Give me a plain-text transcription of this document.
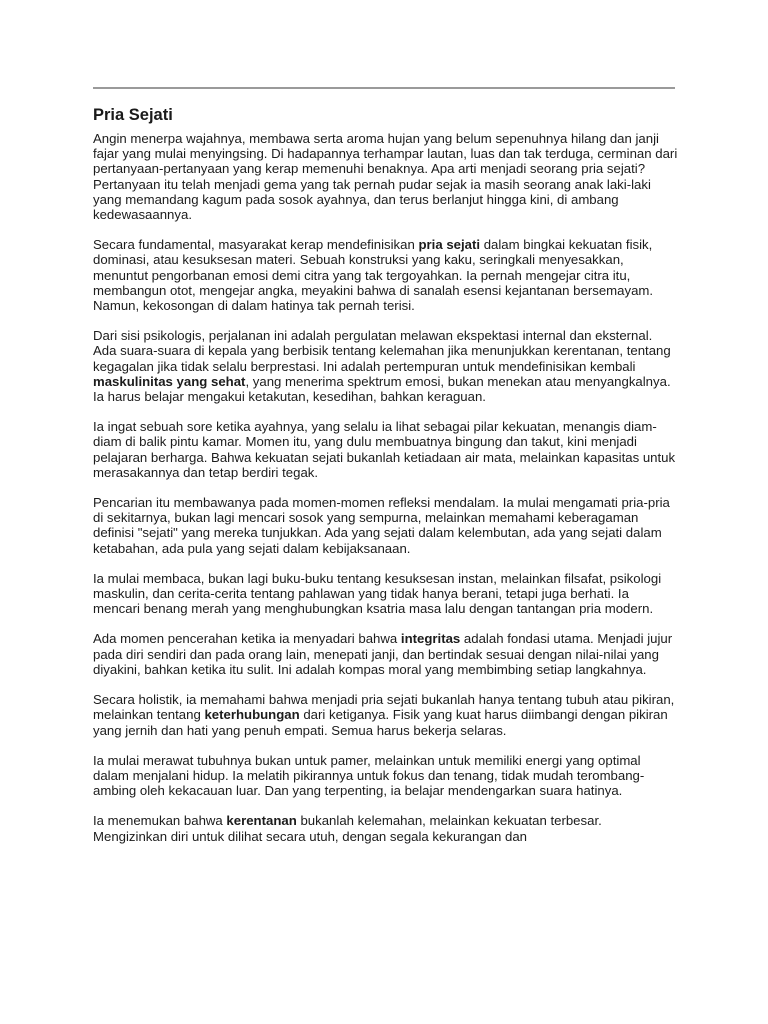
Pria Sejati

Angin menerpa wajahnya, membawa serta aroma hujan yang belum sepenuhnya hilang dan janji fajar yang mulai menyingsing. Di hadapannya terhampar lautan, luas dan tak terduga, cerminan dari pertanyaan-pertanyaan yang kerap memenuhi benaknya. Apa arti menjadi seorang pria sejati? Pertanyaan itu telah menjadi gema yang tak pernah pudar sejak ia masih seorang anak laki-laki yang memandang kagum pada sosok ayahnya, dan terus berlanjut hingga kini, di ambang kedewasaannya.

Secara fundamental, masyarakat kerap mendefinisikan pria sejati dalam bingkai kekuatan fisik, dominasi, atau kesuksesan materi. Sebuah konstruksi yang kaku, seringkali menyesakkan, menuntut pengorbanan emosi demi citra yang tak tergoyahkan. Ia pernah mengejar citra itu, membangun otot, mengejar angka, meyakini bahwa di sanalah esensi kejantanan bersemayam. Namun, kekosongan di dalam hatinya tak pernah terisi.

Dari sisi psikologis, perjalanan ini adalah pergulatan melawan ekspektasi internal dan eksternal. Ada suara-suara di kepala yang berbisik tentang kelemahan jika menunjukkan kerentanan, tentang kegagalan jika tidak selalu berprestasi. Ini adalah pertempuran untuk mendefinisikan kembali maskulinitas yang sehat, yang menerima spektrum emosi, bukan menekan atau menyangkalnya. Ia harus belajar mengakui ketakutan, kesedihan, bahkan keraguan.

Ia ingat sebuah sore ketika ayahnya, yang selalu ia lihat sebagai pilar kekuatan, menangis diam-diam di balik pintu kamar. Momen itu, yang dulu membuatnya bingung dan takut, kini menjadi pelajaran berharga. Bahwa kekuatan sejati bukanlah ketiadaan air mata, melainkan kapasitas untuk merasakannya dan tetap berdiri tegak.

Pencarian itu membawanya pada momen-momen refleksi mendalam. Ia mulai mengamati pria-pria di sekitarnya, bukan lagi mencari sosok yang sempurna, melainkan memahami keberagaman definisi "sejati" yang mereka tunjukkan. Ada yang sejati dalam kelembutan, ada yang sejati dalam ketabahan, ada pula yang sejati dalam kebijaksanaan.

Ia mulai membaca, bukan lagi buku-buku tentang kesuksesan instan, melainkan filsafat, psikologi maskulin, dan cerita-cerita tentang pahlawan yang tidak hanya berani, tetapi juga berhati. Ia mencari benang merah yang menghubungkan ksatria masa lalu dengan tantangan pria modern.

Ada momen pencerahan ketika ia menyadari bahwa integritas adalah fondasi utama. Menjadi jujur pada diri sendiri dan pada orang lain, menepati janji, dan bertindak sesuai dengan nilai-nilai yang diyakini, bahkan ketika itu sulit. Ini adalah kompas moral yang membimbing setiap langkahnya.

Secara holistik, ia memahami bahwa menjadi pria sejati bukanlah hanya tentang tubuh atau pikiran, melainkan tentang keterhubungan dari ketiganya. Fisik yang kuat harus diimbangi dengan pikiran yang jernih dan hati yang penuh empati. Semua harus bekerja selaras.

Ia mulai merawat tubuhnya bukan untuk pamer, melainkan untuk memiliki energi yang optimal dalam menjalani hidup. Ia melatih pikirannya untuk fokus dan tenang, tidak mudah terombang-ambing oleh kekacauan luar. Dan yang terpenting, ia belajar mendengarkan suara hatinya.

Ia menemukan bahwa kerentanan bukanlah kelemahan, melainkan kekuatan terbesar. Mengizinkan diri untuk dilihat secara utuh, dengan segala kekurangan dan
